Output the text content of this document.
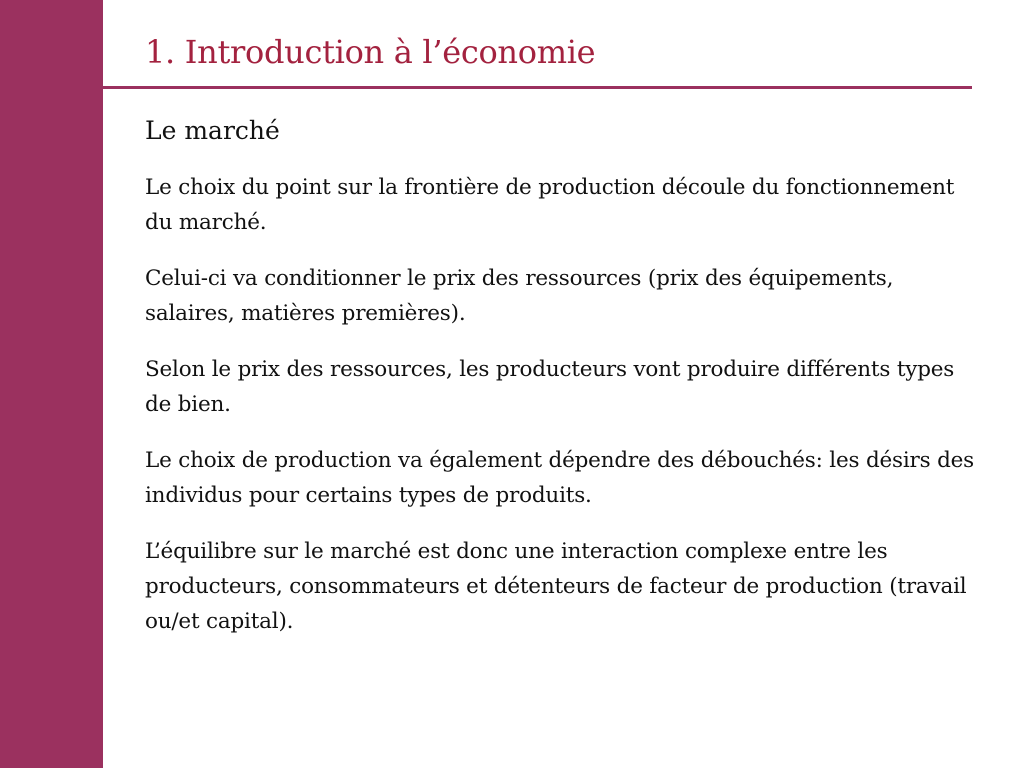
1. Introduction à l’économie
Le marché

Le choix du point sur la frontière de production découle du fonctionnement du marché.

Celui-ci va conditionner le prix des ressources (prix des équipements, salaires, matières premières).

Selon le prix des ressources, les producteurs vont produire différents types de bien.

Le choix de production va également dépendre des débouchés: les désirs des individus pour certains types de produits.

L’équilibre sur le marché est donc une interaction complexe entre les producteurs, consommateurs et détenteurs de facteur de production (travail ou/et capital).
